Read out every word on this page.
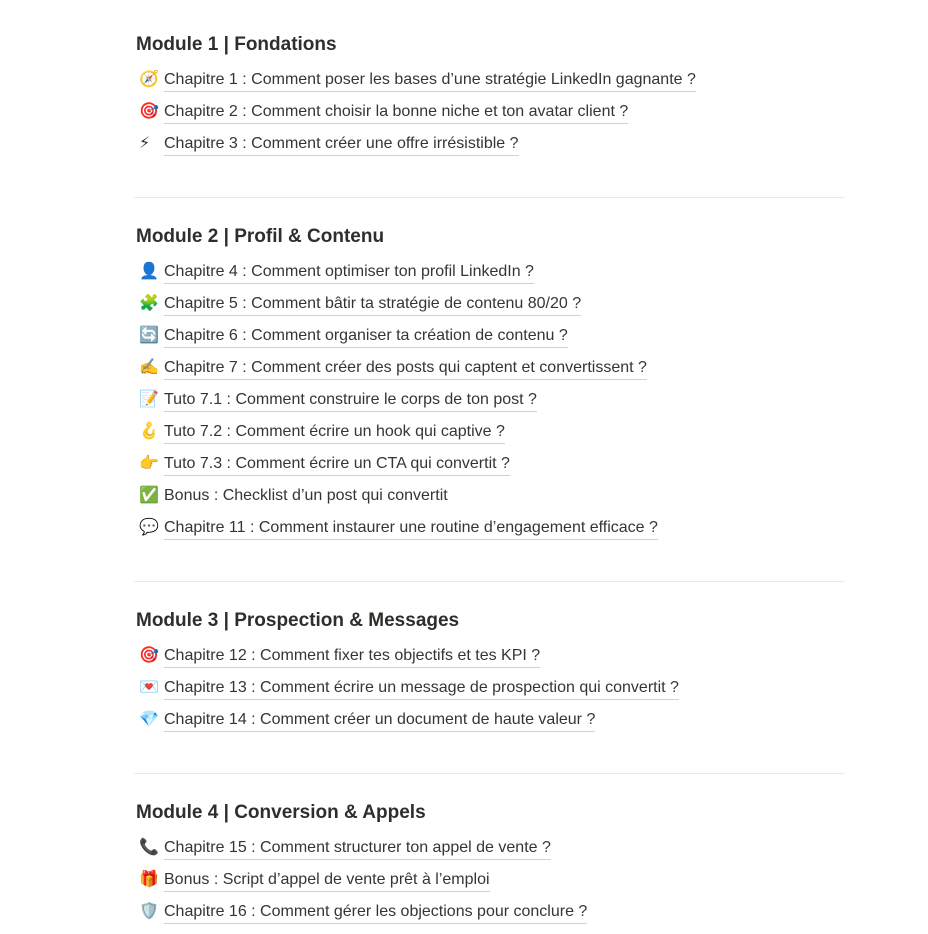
Module 1 | Fondations
🧭 Chapitre 1 : Comment poser les bases d’une stratégie LinkedIn gagnante ?
🎯 Chapitre 2 : Comment choisir la bonne niche et ton avatar client ?
⚡ Chapitre 3 : Comment créer une offre irrésistible ?
Module 2 | Profil & Contenu
👤 Chapitre 4 : Comment optimiser ton profil LinkedIn ?
🧩 Chapitre 5 : Comment bâtir ta stratégie de contenu 80/20 ?
🔄 Chapitre 6 : Comment organiser ta création de contenu ?
✍️ Chapitre 7 : Comment créer des posts qui captent et convertissent ?
📝 Tuto 7.1 : Comment construire le corps de ton post ?
🪝 Tuto 7.2 : Comment écrire un hook qui captive ?
👉 Tuto 7.3 : Comment écrire un CTA qui convertit ?
✅ Bonus : Checklist d’un post qui convertit
💬 Chapitre 11 : Comment instaurer une routine d’engagement efficace ?
Module 3 | Prospection & Messages
🎯 Chapitre 12 : Comment fixer tes objectifs et tes KPI ?
💌 Chapitre 13 : Comment écrire un message de prospection qui convertit ?
💎 Chapitre 14 : Comment créer un document de haute valeur ?
Module 4 | Conversion & Appels
📞 Chapitre 15 : Comment structurer ton appel de vente ?
🎁 Bonus : Script d’appel de vente prêt à l’emploi
🛡️ Chapitre 16 : Comment gérer les objections pour conclure ?
